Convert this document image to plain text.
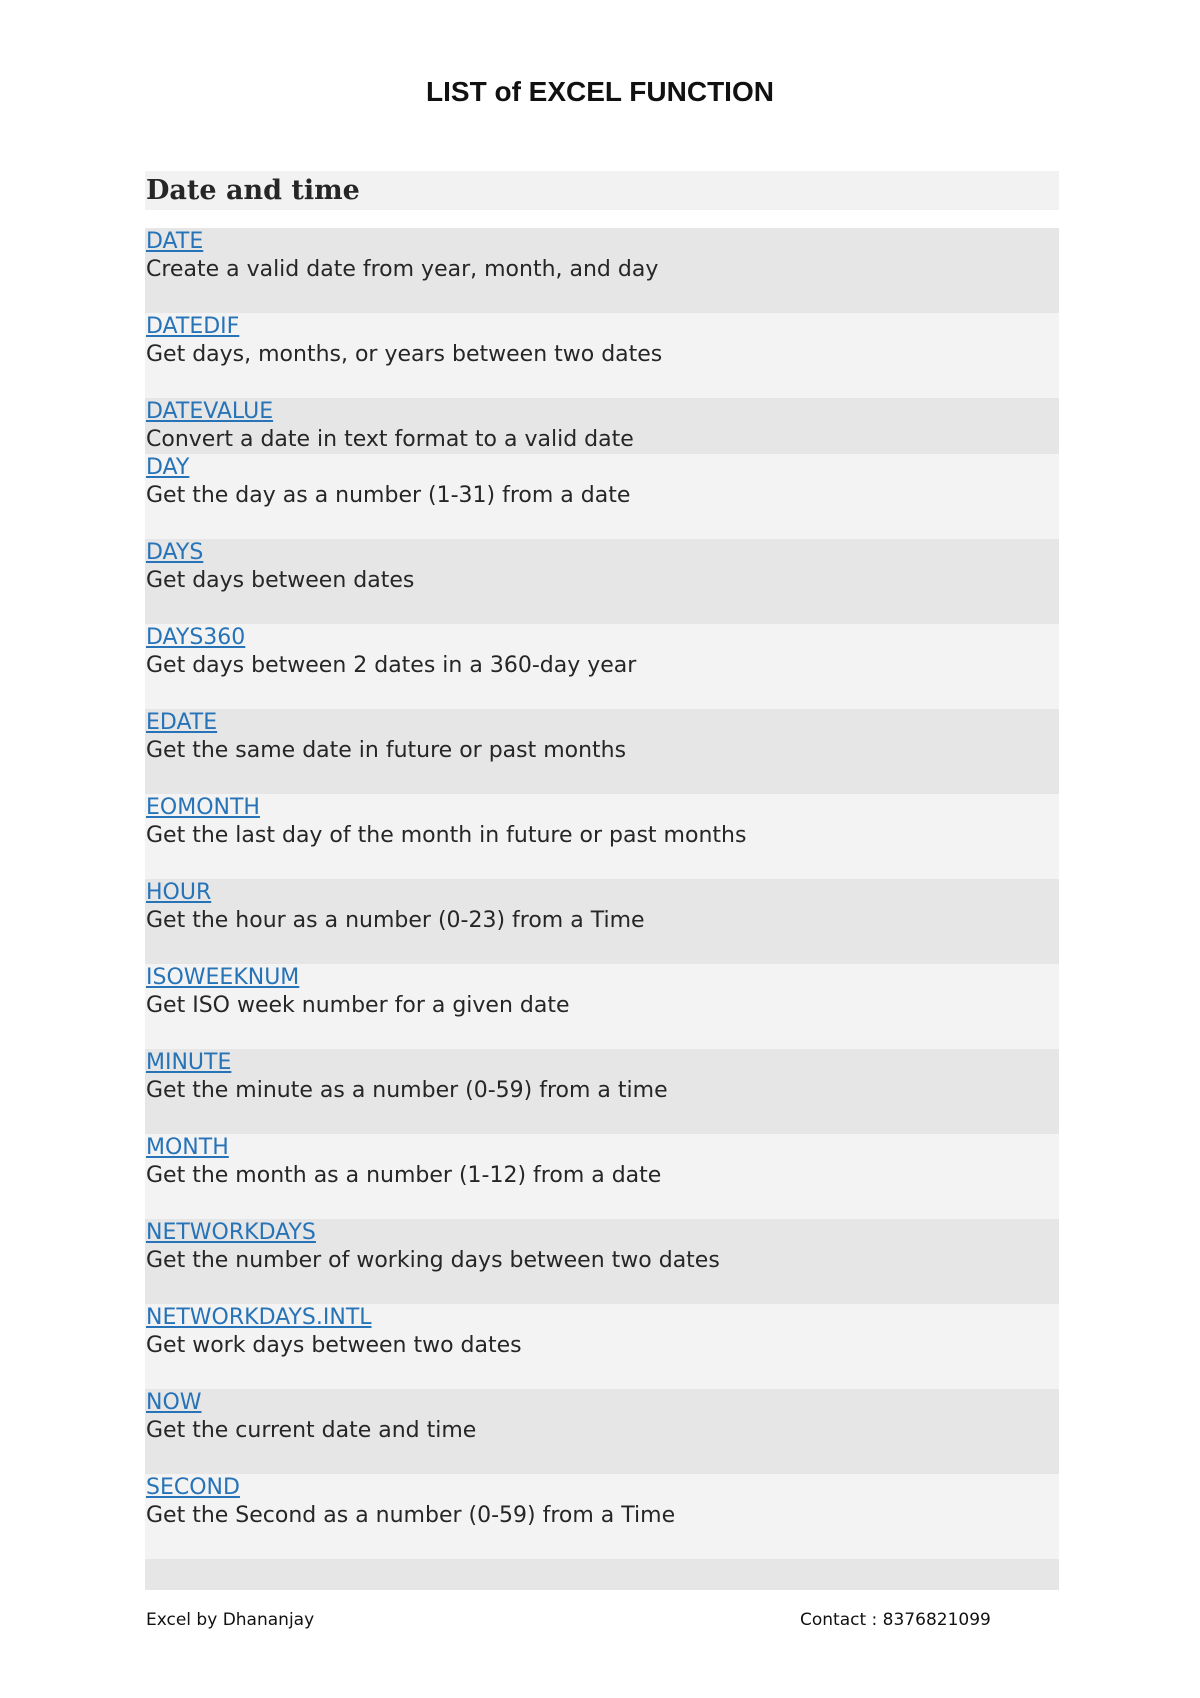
LIST of EXCEL FUNCTION
Date and time
DATE
Create a valid date from year, month, and day
DATEDIF
Get days, months, or years between two dates
DATEVALUE
Convert a date in text format to a valid date
DAY
Get the day as a number (1-31) from a date
DAYS
Get days between dates
DAYS360
Get days between 2 dates in a 360-day year
EDATE
Get the same date in future or past months
EOMONTH
Get the last day of the month in future or past months
HOUR
Get the hour as a number (0-23) from a Time
ISOWEEKNUM
Get ISO week number for a given date
MINUTE
Get the minute as a number (0-59) from a time
MONTH
Get the month as a number (1-12) from a date
NETWORKDAYS
Get the number of working days between two dates
NETWORKDAYS.INTL
Get work days between two dates
NOW
Get the current date and time
SECOND
Get the Second as a number (0-59) from a Time
Excel by Dhananjay	Contact : 8376821099
